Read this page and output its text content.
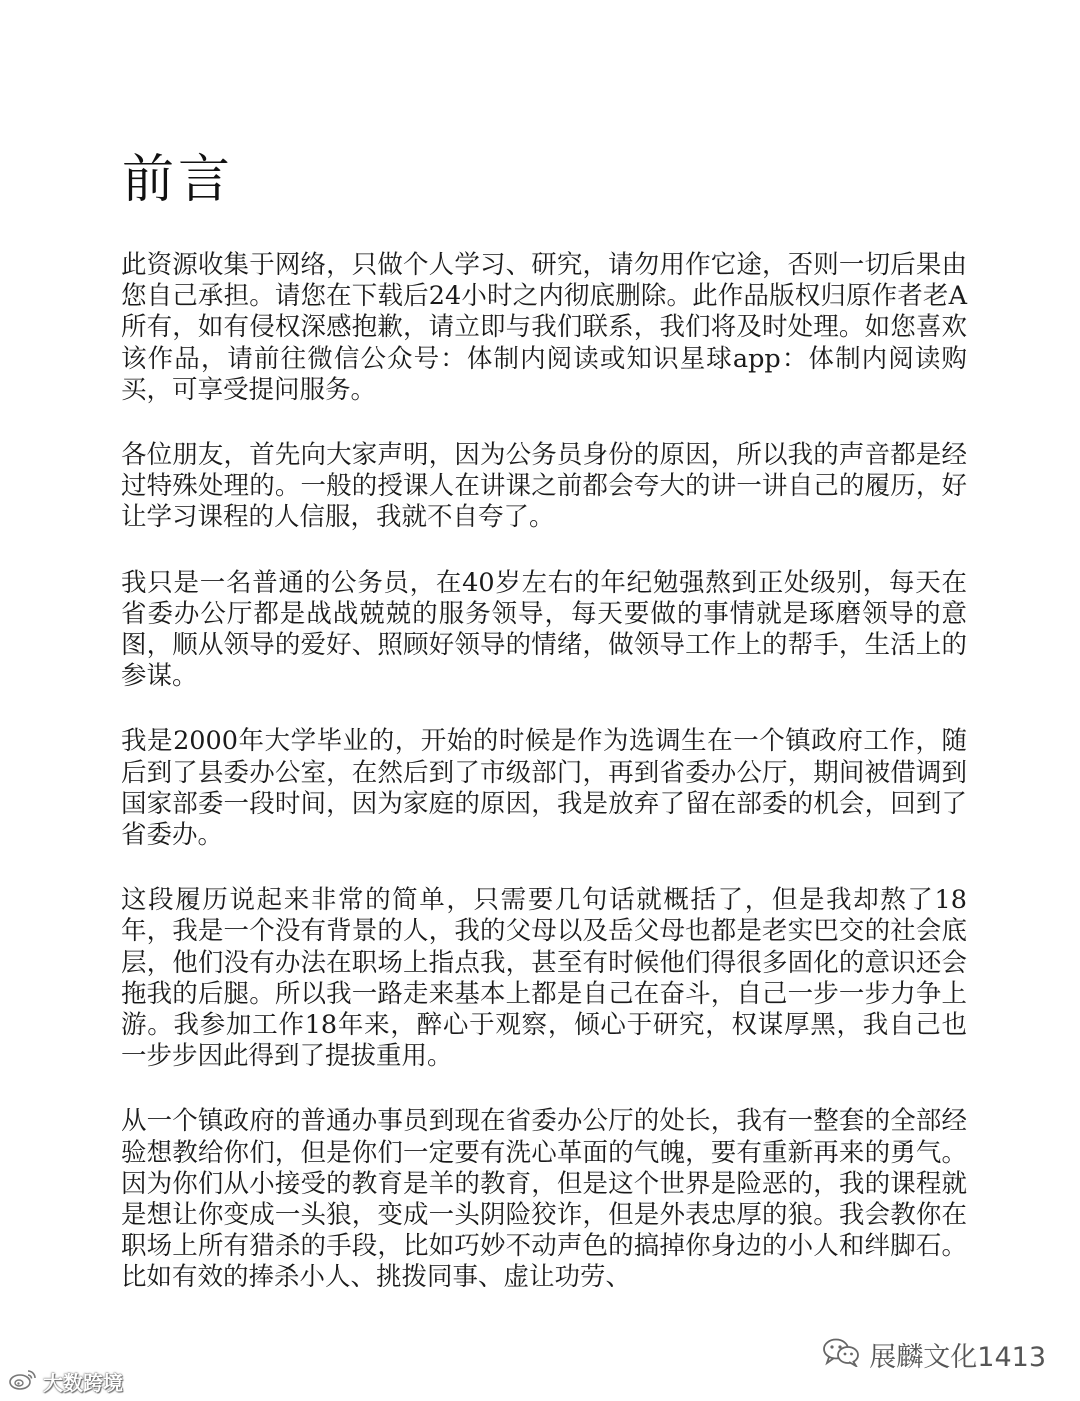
前言

此资源收集于网络，只做个人学习、研究，请勿用作它途，否则一切后果由您自己承担。请您在下载后24小时之内彻底删除。此作品版权归原作者老A所有，如有侵权深感抱歉，请立即与我们联系，我们将及时处理。如您喜欢该作品，请前往微信公众号：体制内阅读或知识星球app：体制内阅读购买，可享受提问服务。

各位朋友，首先向大家声明，因为公务员身份的原因，所以我的声音都是经过特殊处理的。一般的授课人在讲课之前都会夸大的讲一讲自己的履历，好让学习课程的人信服，我就不自夸了。

我只是一名普通的公务员，在40岁左右的年纪勉强熬到正处级别，每天在省委办公厅都是战战兢兢的服务领导，每天要做的事情就是琢磨领导的意图，顺从领导的爱好、照顾好领导的情绪，做领导工作上的帮手，生活上的参谋。

我是2000年大学毕业的，开始的时候是作为选调生在一个镇政府工作，随后到了县委办公室，在然后到了市级部门，再到省委办公厅，期间被借调到国家部委一段时间，因为家庭的原因，我是放弃了留在部委的机会，回到了省委办。

这段履历说起来非常的简单，只需要几句话就概括了，但是我却熬了18年，我是一个没有背景的人，我的父母以及岳父母也都是老实巴交的社会底层，他们没有办法在职场上指点我，甚至有时候他们得很多固化的意识还会拖我的后腿。所以我一路走来基本上都是自己在奋斗，自己一步一步力争上游。我参加工作18年来，醉心于观察，倾心于研究，权谋厚黑，我自己也一步步因此得到了提拔重用。

从一个镇政府的普通办事员到现在省委办公厅的处长，我有一整套的全部经验想教给你们，但是你们一定要有洗心革面的气魄，要有重新再来的勇气。因为你们从小接受的教育是羊的教育，但是这个世界是险恶的，我的课程就是想让你变成一头狼，变成一头阴险狡诈，但是外表忠厚的狼。我会教你在职场上所有猎杀的手段，比如巧妙不动声色的搞掉你身边的小人和绊脚石。比如有效的捧杀小人、挑拨同事、虚让功劳、

展麟文化1413
大数跨境
